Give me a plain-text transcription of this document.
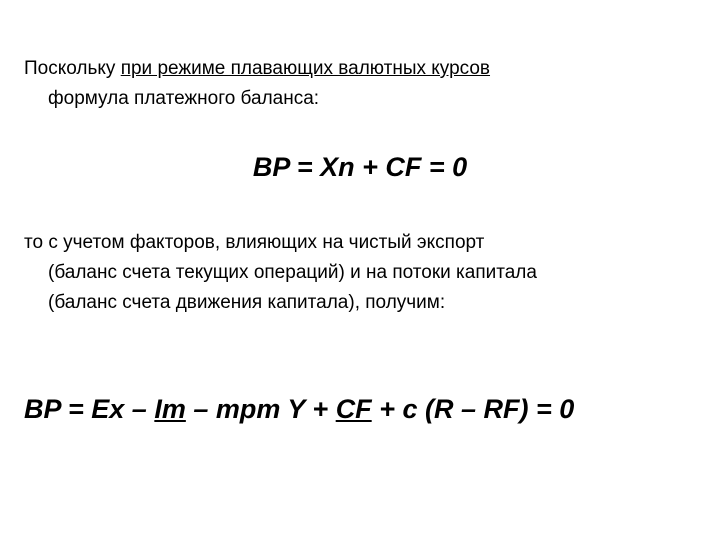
Поскольку при режиме плавающих валютных курсов
формула платежного баланса:
BP = Xn + CF = 0
то с учетом факторов, влияющих на чистый экспорт
(баланс счета текущих операций) и на потоки капитала
(баланс счета движения капитала), получим:
BP = Ex – Im – mpm Y + CF + c (R – RF) = 0
